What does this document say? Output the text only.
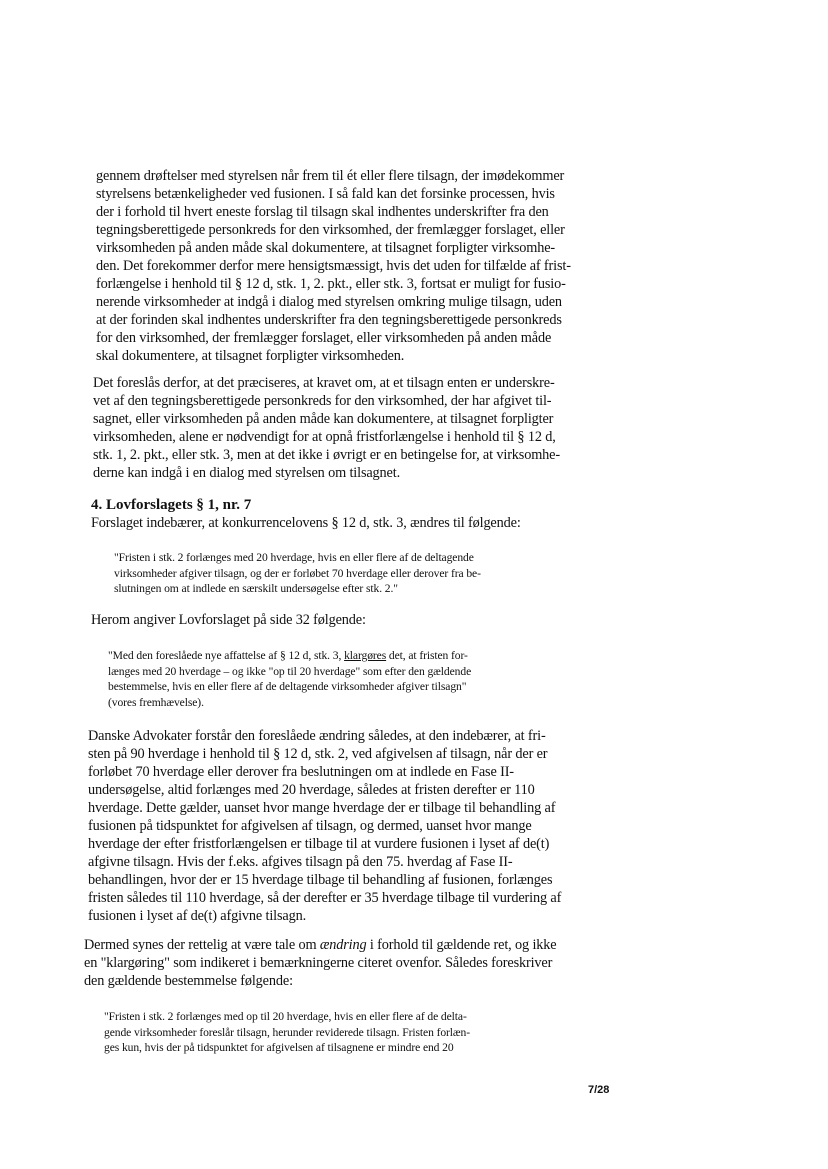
gennem drøftelser med styrelsen når frem til ét eller flere tilsagn, der imødekommer
styrelsens betænkeligheder ved fusionen. I så fald kan det forsinke processen, hvis
der i forhold til hvert eneste forslag til tilsagn skal indhentes underskrifter fra den
tegningsberettigede personkreds for den virksomhed, der fremlægger forslaget, eller
virksomheden på anden måde skal dokumentere, at tilsagnet forpligter virksomhe-
den. Det forekommer derfor mere hensigtsmæssigt, hvis det uden for tilfælde af frist-
forlængelse i henhold til § 12 d, stk. 1, 2. pkt., eller stk. 3, fortsat er muligt for fusio-
nerende virksomheder at indgå i dialog med styrelsen omkring mulige tilsagn, uden
at der forinden skal indhentes underskrifter fra den tegningsberettigede personkreds
for den virksomhed, der fremlægger forslaget, eller virksomheden på anden måde
skal dokumentere, at tilsagnet forpligter virksomheden.
Det foreslås derfor, at det præciseres, at kravet om, at et tilsagn enten er underskre-
vet af den tegningsberettigede personkreds for den virksomhed, der har afgivet til-
sagnet, eller virksomheden på anden måde kan dokumentere, at tilsagnet forpligter
virksomheden, alene er nødvendigt for at opnå fristforlængelse i henhold til § 12 d,
stk. 1, 2. pkt., eller stk. 3, men at det ikke i øvrigt er en betingelse for, at virksomhe-
derne kan indgå i en dialog med styrelsen om tilsagnet.
4. Lovforslagets § 1, nr. 7
Forslaget indebærer, at konkurrencelovens § 12 d, stk. 3, ændres til følgende:
"Fristen i stk. 2 forlænges med 20 hverdage, hvis en eller flere af de deltagende
virksomheder afgiver tilsagn, og der er forløbet 70 hverdage eller derover fra be-
slutningen om at indlede en særskilt undersøgelse efter stk. 2."
Herom angiver Lovforslaget på side 32 følgende:
"Med den foreslåede nye affattelse af § 12 d, stk. 3, klargøres det, at fristen for-
længes med 20 hverdage – og ikke "op til 20 hverdage" som efter den gældende
bestemmelse, hvis en eller flere af de deltagende virksomheder afgiver tilsagn"
(vores fremhævelse).
Danske Advokater forstår den foreslåede ændring således, at den indebærer, at fri-
sten på 90 hverdage i henhold til § 12 d, stk. 2, ved afgivelsen af tilsagn, når der er
forløbet 70 hverdage eller derover fra beslutningen om at indlede en Fase II-
undersøgelse, altid forlænges med 20 hverdage, således at fristen derefter er 110
hverdage. Dette gælder, uanset hvor mange hverdage der er tilbage til behandling af
fusionen på tidspunktet for afgivelsen af tilsagn, og dermed, uanset hvor mange
hverdage der efter fristforlængelsen er tilbage til at vurdere fusionen i lyset af de(t)
afgivne tilsagn. Hvis der f.eks. afgives tilsagn på den 75. hverdag af Fase II-
behandlingen, hvor der er 15 hverdage tilbage til behandling af fusionen, forlænges
fristen således til 110 hverdage, så der derefter er 35 hverdage tilbage til vurdering af
fusionen i lyset af de(t) afgivne tilsagn.
Dermed synes der rettelig at være tale om ændring i forhold til gældende ret, og ikke
en "klargøring" som indikeret i bemærkningerne citeret ovenfor. Således foreskriver
den gældende bestemmelse følgende:
"Fristen i stk. 2 forlænges med op til 20 hverdage, hvis en eller flere af de delta-
gende virksomheder foreslår tilsagn, herunder reviderede tilsagn. Fristen forlæn-
ges kun, hvis der på tidspunktet for afgivelsen af tilsagnene er mindre end 20
7/28
